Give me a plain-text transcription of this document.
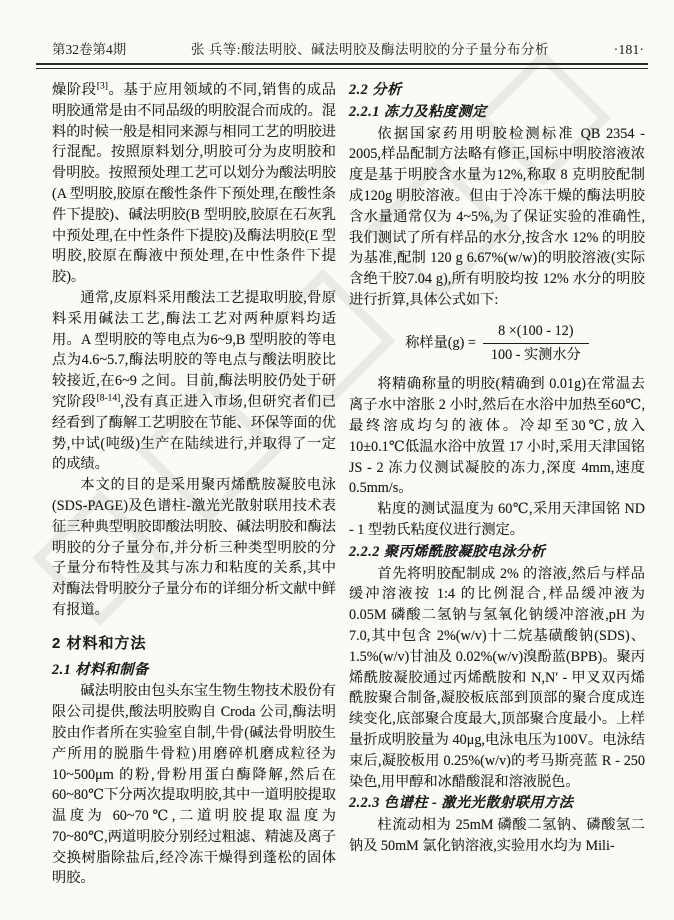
第32卷第4期	张 兵等:酸法明胶、碱法明胶及酶法明胶的分子量分布分析	·181·

燥阶段[3]。基于应用领域的不同,销售的成品明胶通常是由不同品级的明胶混合而成的。混料的时候一般是相同来源与相同工艺的明胶进行混配。按照原料划分,明胶可分为皮明胶和骨明胶。按照预处理工艺可以划分为酸法明胶(A 型明胶,胶原在酸性条件下预处理,在酸性条件下提胶)、碱法明胶(B 型明胶,胶原在石灰乳中预处理,在中性条件下提胶)及酶法明胶(E 型明胶,胶原在酶液中预处理,在中性条件下提胶)。

通常,皮原料采用酸法工艺提取明胶,骨原料采用碱法工艺,酶法工艺对两种原料均适用。A 型明胶的等电点为6~9,B 型明胶的等电点为4.6~5.7,酶法明胶的等电点与酸法明胶比较接近,在6~9 之间。目前,酶法明胶仍处于研究阶段[8-14],没有真正进入市场,但研究者们已经看到了酶解工艺明胶在节能、环保等面的优势,中试(吨级)生产在陆续进行,并取得了一定的成绩。

本文的目的是采用聚丙烯酰胺凝胶电泳(SDS-PAGE)及色谱柱-激光光散射联用技术表征三种典型明胶即酸法明胶、碱法明胶和酶法明胶的分子量分布,并分析三种类型明胶的分子量分布特性及其与冻力和粘度的关系,其中对酶法骨明胶分子量分布的详细分析文献中鲜有报道。

2 材料和方法
2.1 材料和制备

碱法明胶由包头东宝生物生物技术股份有限公司提供,酸法明胶购自 Croda 公司,酶法明胶由作者所在实验室自制,牛骨(碱法骨明胶生产所用的脱脂牛骨粒)用磨碎机磨成粒径为 10~500μm 的粉,骨粉用蛋白酶降解,然后在 60~80℃下分两次提取明胶,其中一道明胶提取温度为 60~70℃,二道明胶提取温度为 70~80℃,两道明胶分别经过粗滤、精滤及离子交换树脂除盐后,经冷冻干燥得到蓬松的固体明胶。

2.2 分析
2.2.1 冻力及粘度测定

依据国家药用明胶检测标准 QB 2354 - 2005,样品配制方法略有修正,国标中明胶溶液浓度是基于明胶含水量为12%,称取 8 克明胶配制成120g 明胶溶液。但由于冷冻干燥的酶法明胶含水量通常仅为 4~5%,为了保证实验的准确性,我们测试了所有样品的水分,按含水 12% 的明胶为基准,配制 120 g 6.67%(w/w)的明胶溶液(实际含绝干胶7.04 g),所有明胶均按 12% 水分的明胶进行折算,具体公式如下:

称样量$(g) = \frac{8 \times(100 - 12)}{\text{100 - 实测水分}}$

将精确称量的明胶(精确到 0.01g)在常温去离子水中溶胀 2 小时,然后在水浴中加热至60℃,最终溶成均匀的液体。冷却至30℃,放入 10±0.1℃低温水浴中放置 17 小时,采用天津国铭 JS - 2 冻力仪测试凝胶的冻力,深度 4mm,速度 0.5mm/s。

粘度的测试温度为 60℃,采用天津国铭 ND - 1 型勃氏粘度仪进行测定。

2.2.2 聚丙烯酰胺凝胶电泳分析

首先将明胶配制成 2% 的溶液,然后与样品缓冲溶液按 1:4 的比例混合,样品缓冲液为 0.05M 磷酸二氢钠与氢氧化钠缓冲溶液,pH 为 7.0,其中包含 2%(w/v)十二烷基磺酸钠(SDS)、1.5%(w/v)甘油及 0.02%(w/v)溴酚蓝(BPB)。聚丙烯酰胺凝胶通过丙烯酰胺和 N,N′ - 甲叉双丙烯酰胺聚合制备,凝胶板底部到顶部的聚合度成连续变化,底部聚合度最大,顶部聚合度最小。上样量折成明胶量为 40μg,电泳电压为100V。电泳结束后,凝胶板用 0.25%(w/v)的考马斯亮蓝 R - 250 染色,用甲醇和冰醋酸混和溶液脱色。

2.2.3 色谱柱 - 激光光散射联用方法

柱流动相为 25mM 磷酸二氢钠、磷酸氢二钠及 50mM 氯化钠溶液,实验用水均为 Mili-
